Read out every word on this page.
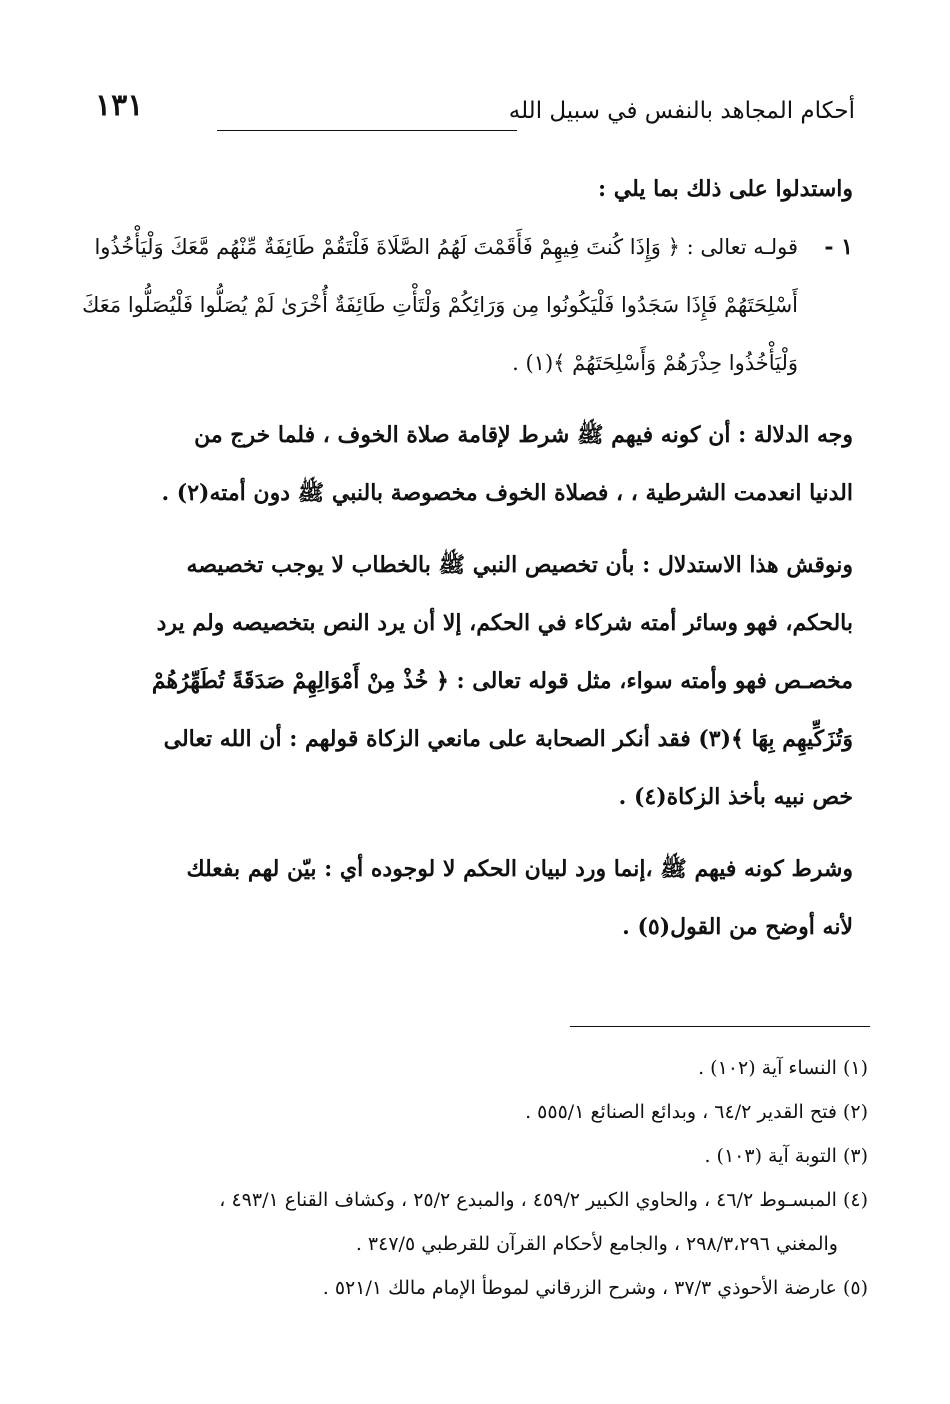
١٣١	أحكام المجاهد بالنفس في سبيل الله
واستدلوا على ذلك بما يلي :
١ -
قولـه تعالى : ﴿ وَإِذَا كُنتَ فِيهِمْ فَأَقَمْتَ لَهُمُ الصَّلَاةَ فَلْتَقُمْ طَائِفَةٌ مِّنْهُم مَّعَكَ وَلْيَأْخُذُوا
أَسْلِحَتَهُمْ فَإِذَا سَجَدُوا فَلْيَكُونُوا مِن وَرَائِكُمْ وَلْتَأْتِ طَائِفَةٌ أُخْرَىٰ لَمْ يُصَلُّوا فَلْيُصَلُّوا مَعَكَ
وَلْيَأْخُذُوا حِذْرَهُمْ وَأَسْلِحَتَهُمْ ﴾(١) .
وجه الدلالة : أن كونه فيهم ﷺ شرط لإقامة صلاة الخوف ، فلما خرج من
الدنيا انعدمت الشرطية ، ، فصلاة الخوف مخصوصة بالنبي ﷺ دون أمته(٢) .
ونوقش هذا الاستدلال : بأن تخصيص النبي ﷺ بالخطاب لا يوجب تخصيصه
بالحكم، فهو وسائر أمته شركاء في الحكم، إلا أن يرد النص بتخصيصه ولم يرد
مخصـص فهو وأمته سواء، مثل قوله تعالى : ﴿ خُذْ مِنْ أَمْوَالِهِمْ صَدَقَةً تُطَهِّرُهُمْ
وَتُزَكِّيهِم بِهَا ﴾(٣) فقد أنكر الصحابة على مانعي الزكاة قولهم : أن الله تعالى
خص نبيه بأخذ الزكاة(٤) .
وشرط كونه فيهم ﷺ ،إنما ورد لبيان الحكم لا لوجوده أي : بيّن لهم بفعلك
لأنه أوضح من القول(٥) .
(١) النساء آية (١٠٢) .
(٢) فتح القدير ٦٤/٢ ، وبدائع الصنائع ٥٥٥/١ .
(٣) التوبة آية (١٠٣) .
(٤) المبسـوط ٤٦/٢ ، والحاوي الكبير ٤٥٩/٢ ، والمبدع ٢٥/٢ ، وكشاف القناع ٤٩٣/١ ،
والمغني ٢٩٨/٣،٢٩٦ ، والجامع لأحكام القرآن للقرطبي ٣٤٧/٥ .
(٥) عارضة الأحوذي ٣٧/٣ ، وشرح الزرقاني لموطأ الإمام مالك ٥٢١/١ .
